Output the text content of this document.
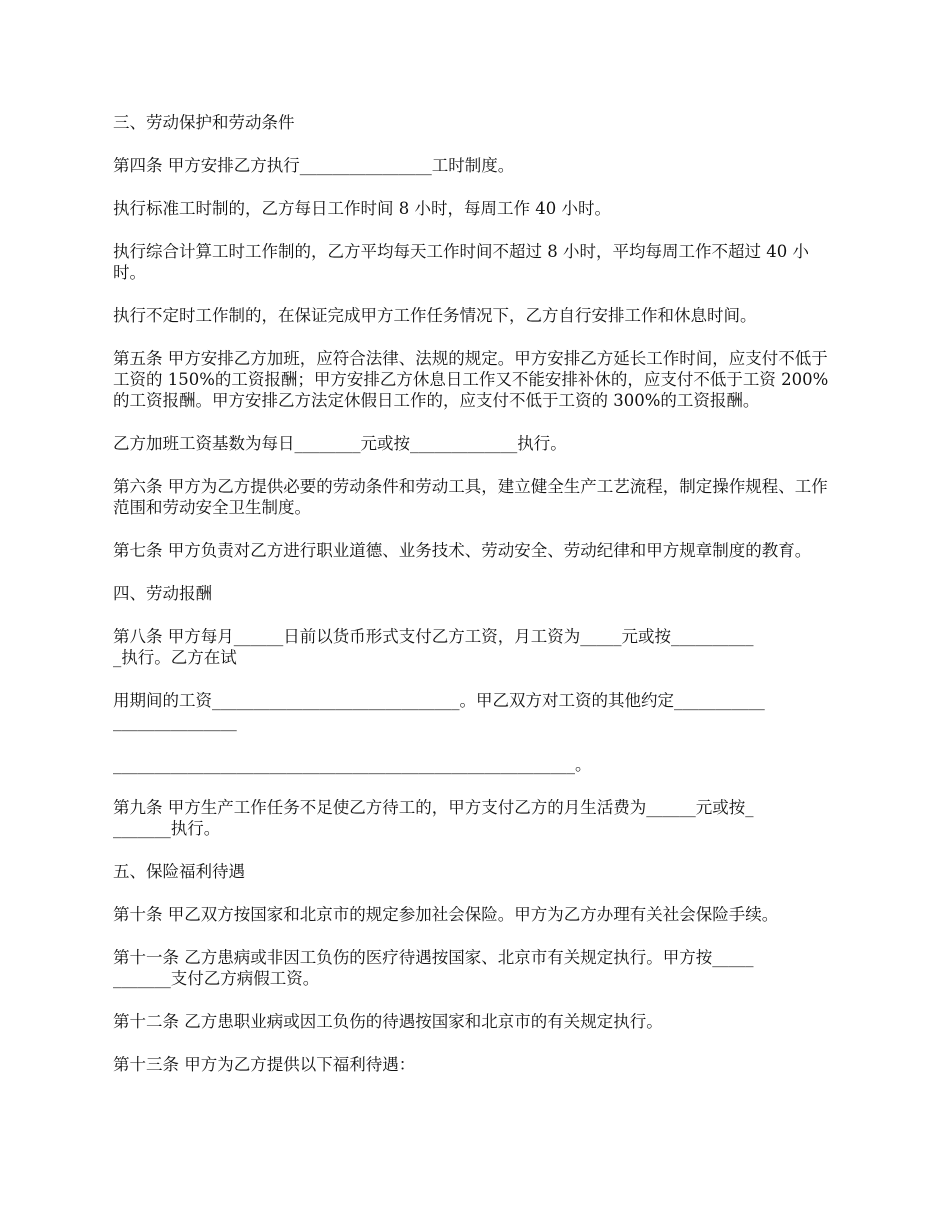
三、劳动保护和劳动条件

第四条 甲方安排乙方执行________________工时制度。

执行标准工时制的，乙方每日工作时间 8 小时，每周工作 40 小时。

执行综合计算工时工作制的，乙方平均每天工作时间不超过 8 小时，平均每周工作不超过 40 小时。

执行不定时工作制的，在保证完成甲方工作任务情况下，乙方自行安排工作和休息时间。

第五条 甲方安排乙方加班，应符合法律、法规的规定。甲方安排乙方延长工作时间，应支付不低于工资的 150%的工资报酬；甲方安排乙方休息日工作又不能安排补休的，应支付不低于工资 200%的工资报酬。甲方安排乙方法定休假日工作的，应支付不低于工资的 300%的工资报酬。

乙方加班工资基数为每日________元或按_____________执行。

第六条 甲方为乙方提供必要的劳动条件和劳动工具，建立健全生产工艺流程，制定操作规程、工作范围和劳动安全卫生制度。

第七条 甲方负责对乙方进行职业道德、业务技术、劳动安全、劳动纪律和甲方规章制度的教育。

四、劳动报酬

第八条 甲方每月______日前以货币形式支付乙方工资，月工资为_____元或按__________
_执行。乙方在试

用期间的工资______________________________。甲乙双方对工资的其他约定___________
_______________

________________________________________________________。

第九条 甲方生产工作任务不足使乙方待工的，甲方支付乙方的月生活费为______元或按_
_______执行。

五、保险福利待遇

第十条 甲乙双方按国家和北京市的规定参加社会保险。甲方为乙方办理有关社会保险手续。

第十一条 乙方患病或非因工负伤的医疗待遇按国家、北京市有关规定执行。甲方按_____
_______支付乙方病假工资。

第十二条 乙方患职业病或因工负伤的待遇按国家和北京市的有关规定执行。

第十三条 甲方为乙方提供以下福利待遇：
